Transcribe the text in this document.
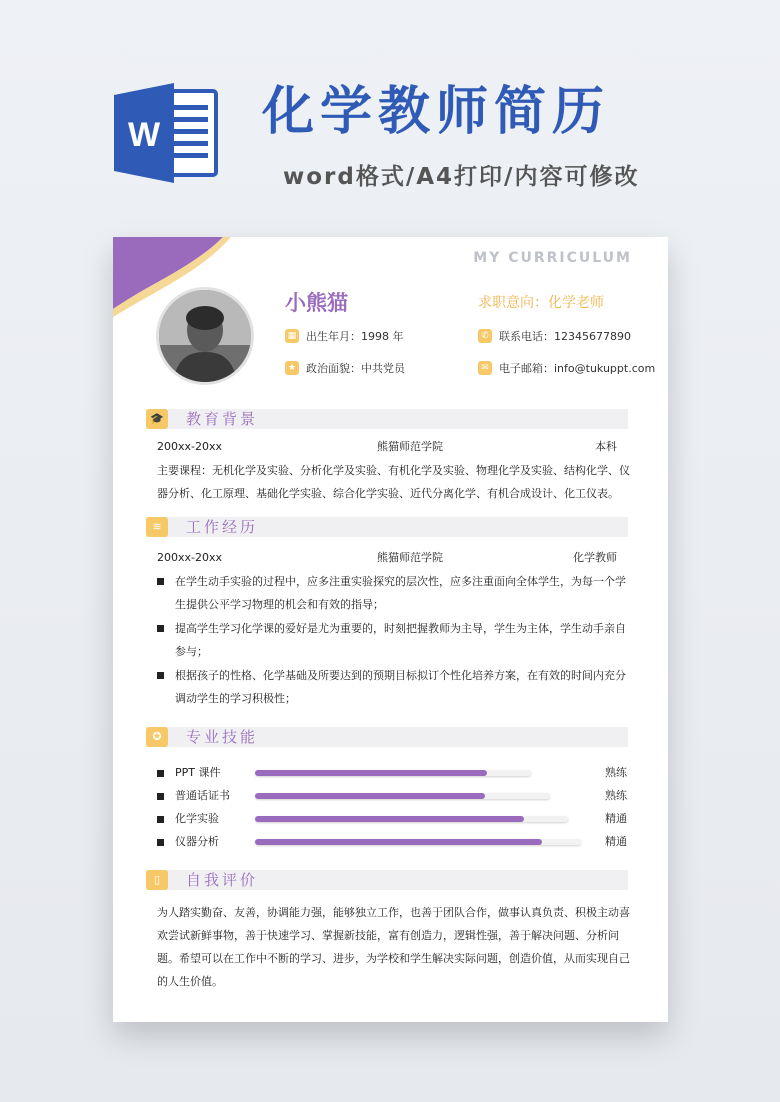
W 化学教师简历
word格式/A4打印/内容可修改
MY CURRICULUM
小熊猫	求职意向：化学老师
▦ 出生年月：1998 年	✆ 联系电话：12345677890
★ 政治面貌：中共党员	✉ 电子邮箱：info@tukuppt.com
🎓 教育背景
200xx-20xx	熊猫师范学院	本科
主要课程：无机化学及实验、分析化学及实验、有机化学及实验、物理化学及实验、结构化学、仪器分析、化工原理、基础化学实验、综合化学实验、近代分离化学、有机合成设计、化工仪表。
≋	工作经历
200xx-20xx	熊猫师范学院	化学教师
在学生动手实验的过程中，应多注重实验探究的层次性，应多注重面向全体学生，为每一个学生提供公平学习物理的机会和有效的指导；
提高学生学习化学课的爱好是尤为重要的，时刻把握教师为主导，学生为主体，学生动手亲自参与；
根据孩子的性格、化学基础及所要达到的预期目标拟订个性化培养方案，在有效的时间内充分调动学生的学习积极性；
✪	专业技能
PPT 课件	熟练
普通话证书	熟练
化学实验	精通
仪器分析	精通
▯	自我评价
为人踏实勤奋、友善，协调能力强，能够独立工作，也善于团队合作，做事认真负责、积极主动喜欢尝试新鲜事物，善于快速学习、掌握新技能，富有创造力，逻辑性强，善于解决问题、分析问题。希望可以在工作中不断的学习、进步，为学校和学生解决实际问题，创造价值，从而实现自己的人生价值。
